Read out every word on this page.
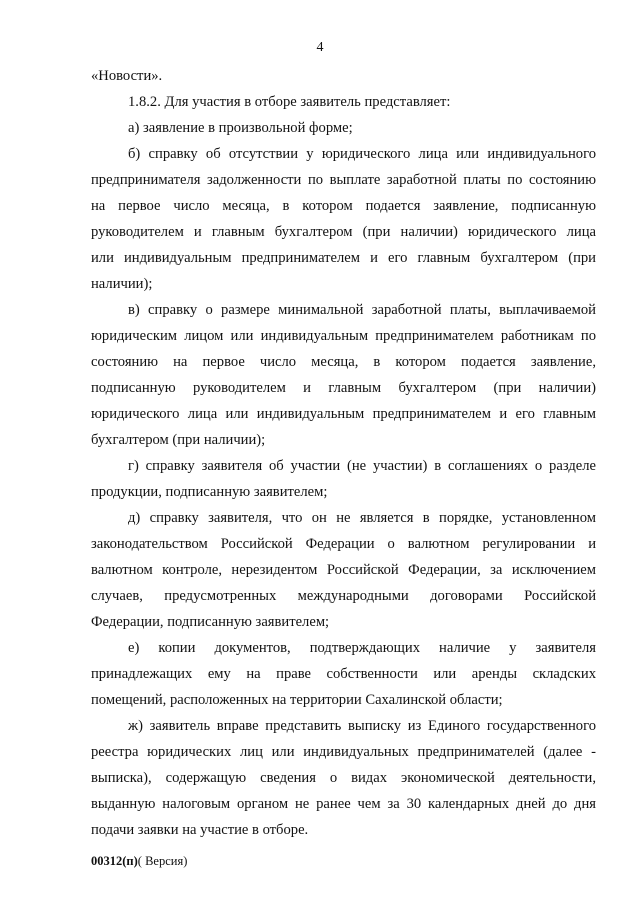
4
«Новости».
1.8.2. Для участия в отборе заявитель представляет:
а) заявление в произвольной форме;
б) справку об отсутствии у юридического лица или индивидуального
предпринимателя задолженности по выплате заработной платы по состоянию
на первое число месяца, в котором подается заявление, подписанную
руководителем и главным бухгалтером (при наличии) юридического лица
или индивидуальным предпринимателем и его главным бухгалтером (при
наличии);
в) справку о размере минимальной заработной платы, выплачиваемой
юридическим лицом или индивидуальным предпринимателем работникам по
состоянию на первое число месяца, в котором подается заявление,
подписанную руководителем и главным бухгалтером (при наличии)
юридического лица или индивидуальным предпринимателем и его главным
бухгалтером (при наличии);
г) справку заявителя об участии (не участии) в соглашениях о разделе
продукции, подписанную заявителем;
д) справку заявителя, что он не является в порядке, установленном
законодательством Российской Федерации о валютном регулировании и
валютном контроле, нерезидентом Российской Федерации, за исключением
случаев, предусмотренных международными договорами Российской
Федерации, подписанную заявителем;
е) копии документов, подтверждающих наличие у заявителя
принадлежащих ему на праве собственности или аренды складских
помещений, расположенных на территории Сахалинской области;
ж) заявитель вправе представить выписку из Единого государственного
реестра юридических лиц или индивидуальных предпринимателей (далее -
выписка), содержащую сведения о видах экономической деятельности,
выданную налоговым органом не ранее чем за 30 календарных дней до дня
подачи заявки на участие в отборе.
00312(п)( Версия)
